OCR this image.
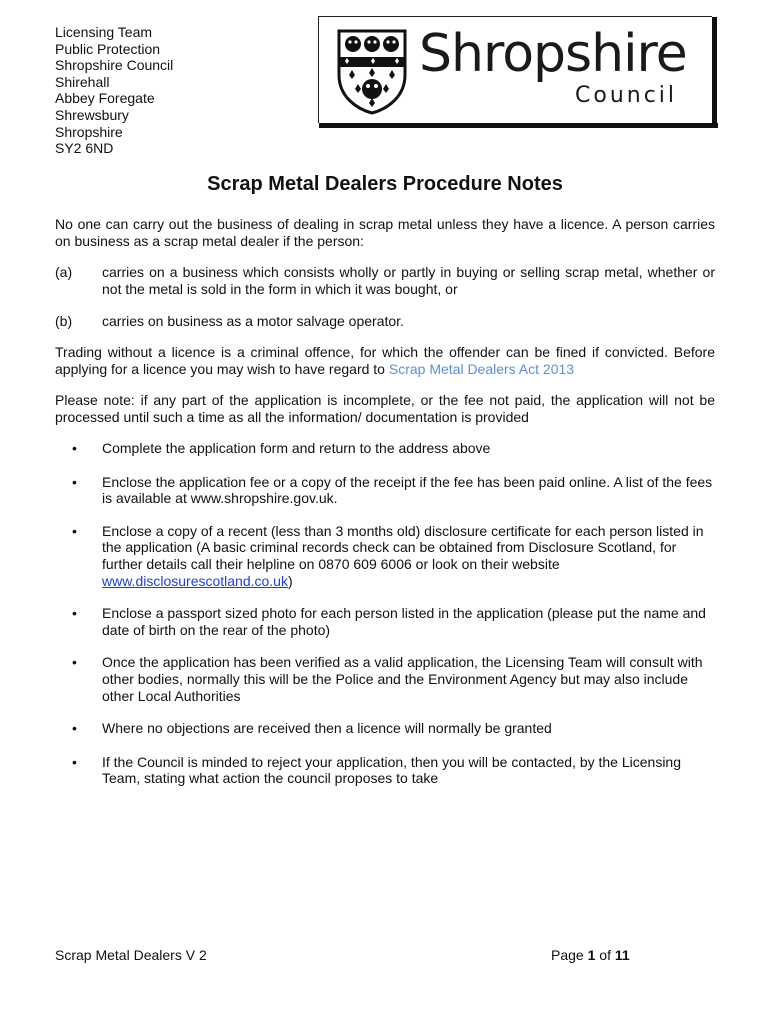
Licensing Team
Public Protection
Shropshire Council
Shirehall
Abbey Foregate
Shrewsbury
Shropshire
SY2 6ND
Shropshire
Council
Scrap Metal Dealers Procedure Notes

No one can carry out the business of dealing in scrap metal unless they have a licence. A person carries on business as a scrap metal dealer if the person:

(a)	carries on a business which consists wholly or partly in buying or selling scrap metal, whether or not the metal is sold in the form in which it was bought, or
(b)	carries on business as a motor salvage operator.

Trading without a licence is a criminal offence, for which the offender can be fined if convicted. Before applying for a licence you may wish to have regard to Scrap Metal Dealers Act 2013

Please note: if any part of the application is incomplete, or the fee not paid, the application will not be processed until such a time as all the information/ documentation is provided

• Complete the application form and return to the address above
• Enclose the application fee or a copy of the receipt if the fee has been paid online. A list of the fees is available at www.shropshire.gov.uk.
• Enclose a copy of a recent (less than 3 months old) disclosure certificate for each person listed in the application (A basic criminal records check can be obtained from Disclosure Scotland, for further details call their helpline on 0870 609 6006 or look on their website www.disclosurescotland.co.uk)
• Enclose a passport sized photo for each person listed in the application (please put the name and date of birth on the rear of the photo)
• Once the application has been verified as a valid application, the Licensing Team will consult with other bodies, normally this will be the Police and the Environment Agency but may also include other Local Authorities
• Where no objections are received then a licence will normally be granted
• If the Council is minded to reject your application, then you will be contacted, by the Licensing Team, stating what action the council proposes to take
Scrap Metal Dealers V 2	Page 1 of 11
